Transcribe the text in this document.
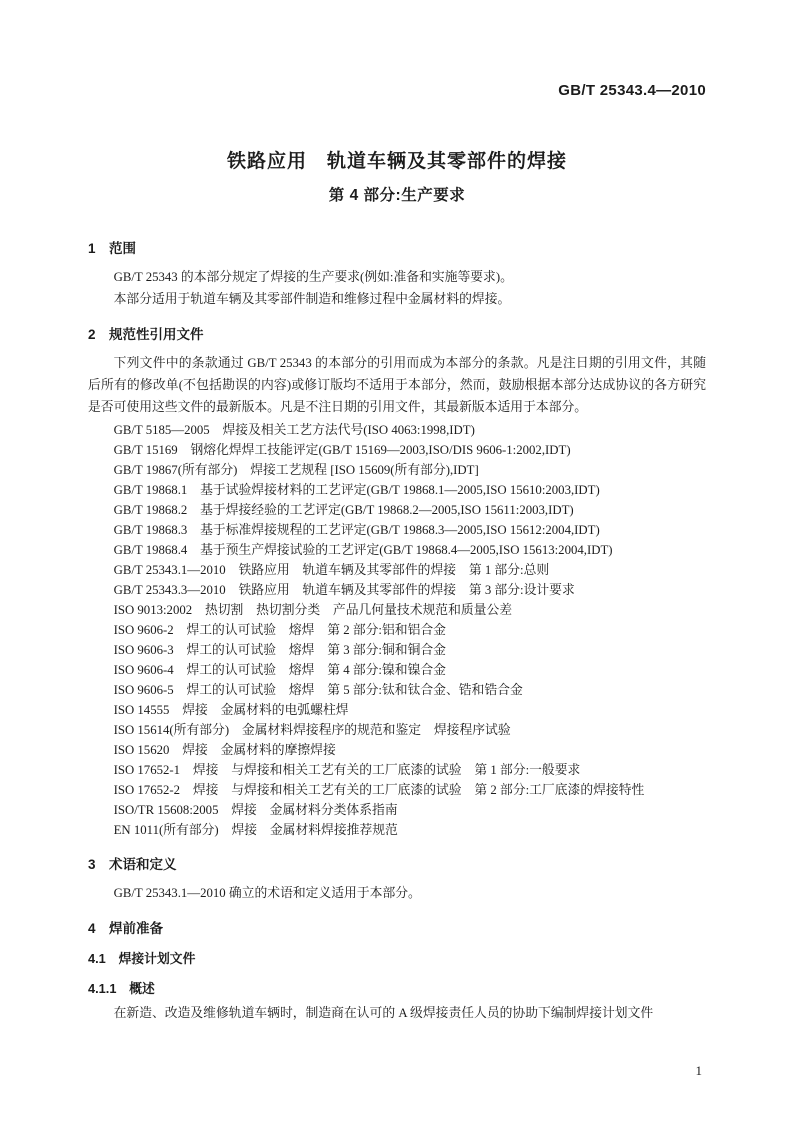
GB/T 25343.4—2010
铁路应用　轨道车辆及其零部件的焊接
第 4 部分:生产要求
1　范围

GB/T 25343 的本部分规定了焊接的生产要求(例如:准备和实施等要求)。

本部分适用于轨道车辆及其零部件制造和维修过程中金属材料的焊接。

2　规范性引用文件

下列文件中的条款通过 GB/T 25343 的本部分的引用而成为本部分的条款。凡是注日期的引用文件，其随后所有的修改单(不包括勘误的内容)或修订版均不适用于本部分，然而，鼓励根据本部分达成协议的各方研究是否可使用这些文件的最新版本。凡是不注日期的引用文件，其最新版本适用于本部分。

GB/T 5185—2005　焊接及相关工艺方法代号(ISO 4063:1998,IDT)
GB/T 15169　钢熔化焊焊工技能评定(GB/T 15169—2003,ISO/DIS 9606-1:2002,IDT)
GB/T 19867(所有部分)　焊接工艺规程 [ISO 15609(所有部分),IDT]
GB/T 19868.1　基于试验焊接材料的工艺评定(GB/T 19868.1—2005,ISO 15610:2003,IDT)
GB/T 19868.2　基于焊接经验的工艺评定(GB/T 19868.2—2005,ISO 15611:2003,IDT)
GB/T 19868.3　基于标准焊接规程的工艺评定(GB/T 19868.3—2005,ISO 15612:2004,IDT)
GB/T 19868.4　基于预生产焊接试验的工艺评定(GB/T 19868.4—2005,ISO 15613:2004,IDT)
GB/T 25343.1—2010　铁路应用　轨道车辆及其零部件的焊接　第 1 部分:总则
GB/T 25343.3—2010　铁路应用　轨道车辆及其零部件的焊接　第 3 部分:设计要求
ISO 9013:2002　热切割　热切割分类　产品几何量技术规范和质量公差
ISO 9606-2　焊工的认可试验　熔焊　第 2 部分:铝和铝合金
ISO 9606-3　焊工的认可试验　熔焊　第 3 部分:铜和铜合金
ISO 9606-4　焊工的认可试验　熔焊　第 4 部分:镍和镍合金
ISO 9606-5　焊工的认可试验　熔焊　第 5 部分:钛和钛合金、锆和锆合金
ISO 14555　焊接　金属材料的电弧螺柱焊
ISO 15614(所有部分)　金属材料焊接程序的规范和鉴定　焊接程序试验
ISO 15620　焊接　金属材料的摩擦焊接
ISO 17652-1　焊接　与焊接和相关工艺有关的工厂底漆的试验　第 1 部分:一般要求
ISO 17652-2　焊接　与焊接和相关工艺有关的工厂底漆的试验　第 2 部分:工厂底漆的焊接特性
ISO/TR 15608:2005　焊接　金属材料分类体系指南
EN 1011(所有部分)　焊接　金属材料焊接推荐规范
3　术语和定义

GB/T 25343.1—2010 确立的术语和定义适用于本部分。

4　焊前准备
4.1　焊接计划文件
4.1.1　概述

在新造、改造及维修轨道车辆时，制造商在认可的 A 级焊接责任人员的协助下编制焊接计划文件

1
